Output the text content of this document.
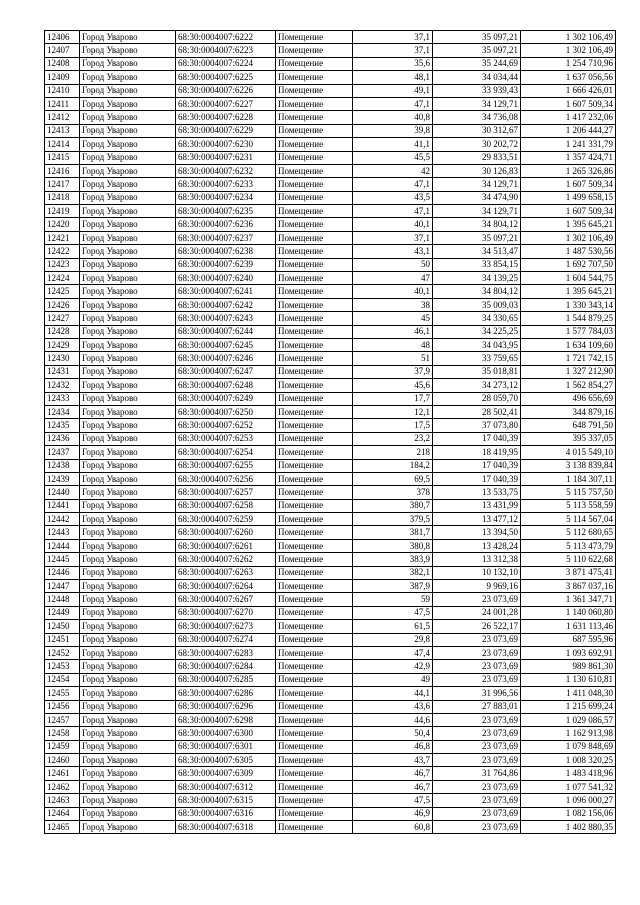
12406	Город Уварово	68:30:0004007:6222	Помещение	37,1	35 097,21	1 302 106,49
12407	Город Уварово	68:30:0004007:6223	Помещение	37,1	35 097,21	1 302 106,49
12408	Город Уварово	68:30:0004007:6224	Помещение	35,6	35 244,69	1 254 710,96
12409	Город Уварово	68:30:0004007:6225	Помещение	48,1	34 034,44	1 637 056,56
12410	Город Уварово	68:30:0004007:6226	Помещение	49,1	33 939,43	1 666 426,01
12411	Город Уварово	68:30:0004007:6227	Помещение	47,1	34 129,71	1 607 509,34
12412	Город Уварово	68:30:0004007:6228	Помещение	40,8	34 736,08	1 417 232,06
12413	Город Уварово	68:30:0004007:6229	Помещение	39,8	30 312,67	1 206 444,27
12414	Город Уварово	68:30:0004007:6230	Помещение	41,1	30 202,72	1 241 331,79
12415	Город Уварово	68:30:0004007:6231	Помещение	45,5	29 833,51	1 357 424,71
12416	Город Уварово	68:30:0004007:6232	Помещение	42	30 126,83	1 265 326,86
12417	Город Уварово	68:30:0004007:6233	Помещение	47,1	34 129,71	1 607 509,34
12418	Город Уварово	68:30:0004007:6234	Помещение	43,5	34 474,90	1 499 658,15
12419	Город Уварово	68:30:0004007:6235	Помещение	47,1	34 129,71	1 607 509,34
12420	Город Уварово	68:30:0004007:6236	Помещение	40,1	34 804,12	1 395 645,21
12421	Город Уварово	68:30:0004007:6237	Помещение	37,1	35 097,21	1 302 106,49
12422	Город Уварово	68:30:0004007:6238	Помещение	43,1	34 513,47	1 487 530,56
12423	Город Уварово	68:30:0004007:6239	Помещение	50	33 854,15	1 692 707,50
12424	Город Уварово	68:30:0004007:6240	Помещение	47	34 139,25	1 604 544,75
12425	Город Уварово	68:30:0004007:6241	Помещение	40,1	34 804,12	1 395 645,21
12426	Город Уварово	68:30:0004007:6242	Помещение	38	35 009,03	1 330 343,14
12427	Город Уварово	68:30:0004007:6243	Помещение	45	34 330,65	1 544 879,25
12428	Город Уварово	68:30:0004007:6244	Помещение	46,1	34 225,25	1 577 784,03
12429	Город Уварово	68:30:0004007:6245	Помещение	48	34 043,95	1 634 109,60
12430	Город Уварово	68:30:0004007:6246	Помещение	51	33 759,65	1 721 742,15
12431	Город Уварово	68:30:0004007:6247	Помещение	37,9	35 018,81	1 327 212,90
12432	Город Уварово	68:30:0004007:6248	Помещение	45,6	34 273,12	1 562 854,27
12433	Город Уварово	68:30:0004007:6249	Помещение	17,7	28 059,70	496 656,69
12434	Город Уварово	68:30:0004007:6250	Помещение	12,1	28 502,41	344 879,16
12435	Город Уварово	68:30:0004007:6252	Помещение	17,5	37 073,80	648 791,50
12436	Город Уварово	68:30:0004007:6253	Помещение	23,2	17 040,39	395 337,05
12437	Город Уварово	68:30:0004007:6254	Помещение	218	18 419,95	4 015 549,10
12438	Город Уварово	68:30:0004007:6255	Помещение	184,2	17 040,39	3 138 839,84
12439	Город Уварово	68:30:0004007:6256	Помещение	69,5	17 040,39	1 184 307,11
12440	Город Уварово	68:30:0004007:6257	Помещение	378	13 533,75	5 115 757,50
12441	Город Уварово	68:30:0004007:6258	Помещение	380,7	13 431,99	5 113 558,59
12442	Город Уварово	68:30:0004007:6259	Помещение	379,5	13 477,12	5 114 567,04
12443	Город Уварово	68:30:0004007:6260	Помещение	381,7	13 394,50	5 112 680,65
12444	Город Уварово	68:30:0004007:6261	Помещение	380,8	13 428,24	5 113 473,79
12445	Город Уварово	68:30:0004007:6262	Помещение	383,9	13 312,38	5 110 622,68
12446	Город Уварово	68:30:0004007:6263	Помещение	382,1	10 132,10	3 871 475,41
12447	Город Уварово	68:30:0004007:6264	Помещение	387,9	9 969,16	3 867 037,16
12448	Город Уварово	68:30:0004007:6267	Помещение	59	23 073,69	1 361 347,71
12449	Город Уварово	68:30:0004007:6270	Помещение	47,5	24 001,28	1 140 060,80
12450	Город Уварово	68:30:0004007:6273	Помещение	61,5	26 522,17	1 631 113,46
12451	Город Уварово	68:30:0004007:6274	Помещение	29,8	23 073,69	687 595,96
12452	Город Уварово	68:30:0004007:6283	Помещение	47,4	23 073,69	1 093 692,91
12453	Город Уварово	68:30:0004007:6284	Помещение	42,9	23 073,69	989 861,30
12454	Город Уварово	68:30:0004007:6285	Помещение	49	23 073,69	1 130 610,81
12455	Город Уварово	68:30:0004007:6286	Помещение	44,1	31 996,56	1 411 048,30
12456	Город Уварово	68:30:0004007:6296	Помещение	43,6	27 883,01	1 215 699,24
12457	Город Уварово	68:30:0004007:6298	Помещение	44,6	23 073,69	1 029 086,57
12458	Город Уварово	68:30:0004007:6300	Помещение	50,4	23 073,69	1 162 913,98
12459	Город Уварово	68:30:0004007:6301	Помещение	46,8	23 073,69	1 079 848,69
12460	Город Уварово	68:30:0004007:6305	Помещение	43,7	23 073,69	1 008 320,25
12461	Город Уварово	68:30:0004007:6309	Помещение	46,7	31 764,86	1 483 418,96
12462	Город Уварово	68:30:0004007:6312	Помещение	46,7	23 073,69	1 077 541,32
12463	Город Уварово	68:30:0004007:6315	Помещение	47,5	23 073,69	1 096 000,27
12464	Город Уварово	68:30:0004007:6316	Помещение	46,9	23 073,69	1 082 156,06
12465	Город Уварово	68:30:0004007:6318	Помещение	60,8	23 073,69	1 402 880,35
